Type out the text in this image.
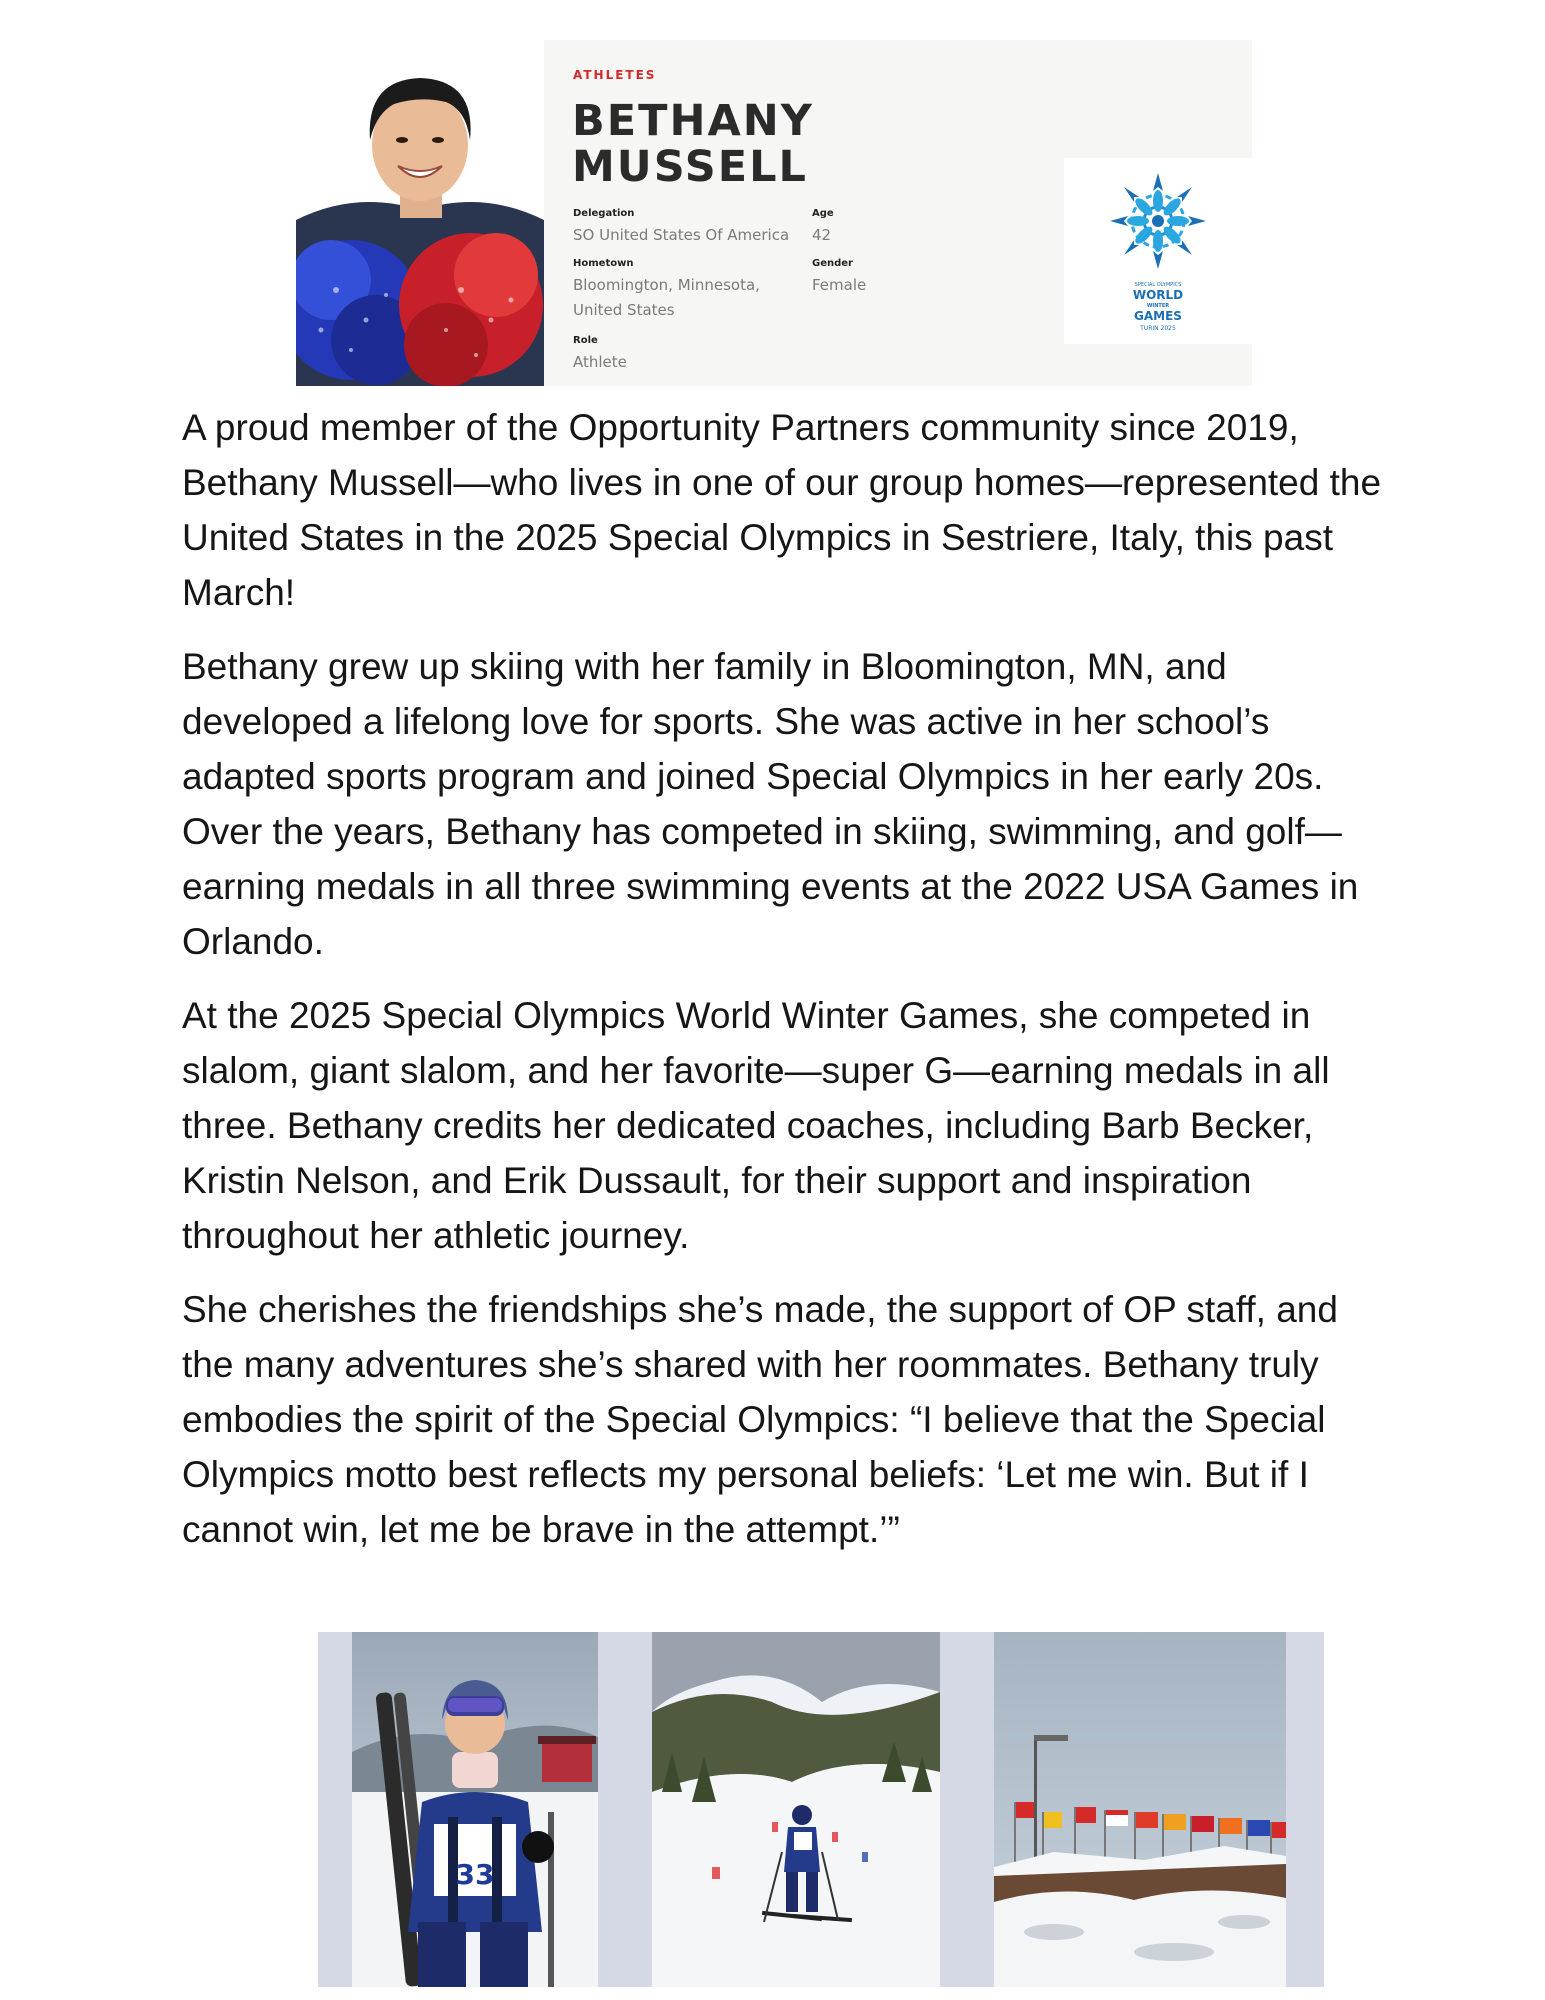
ATHLETES
BETHANY
MUSSELL
Delegation
SO United States Of America
Age
42
Hometown
Bloomington, Minnesota,
United States
Gender
Female
Role
Athlete
SPECIAL OLYMPICS
WORLD
WINTER
GAMES
TURIN 2025

A proud member of the Opportunity Partners community since 2019, Bethany Mussell—who lives in one of our group homes—represented the United States in the 2025 Special Olympics in Sestriere, Italy, this past March!

Bethany grew up skiing with her family in Bloomington, MN, and developed a lifelong love for sports. She was active in her school’s adapted sports program and joined Special Olympics in her early 20s. Over the years, Bethany has competed in skiing, swimming, and golf—earning medals in all three swimming events at the 2022 USA Games in Orlando.

At the 2025 Special Olympics World Winter Games, she competed in slalom, giant slalom, and her favorite—super G—earning medals in all three. Bethany credits her dedicated coaches, including Barb Becker, Kristin Nelson, and Erik Dussault, for their support and inspiration throughout her athletic journey.

She cherishes the friendships she’s made, the support of OP staff, and the many adventures she’s shared with her roommates. Bethany truly embodies the spirit of the Special Olympics: “I believe that the Special Olympics motto best reflects my personal beliefs: ‘Let me win. But if I cannot win, let me be brave in the attempt.’”

33
